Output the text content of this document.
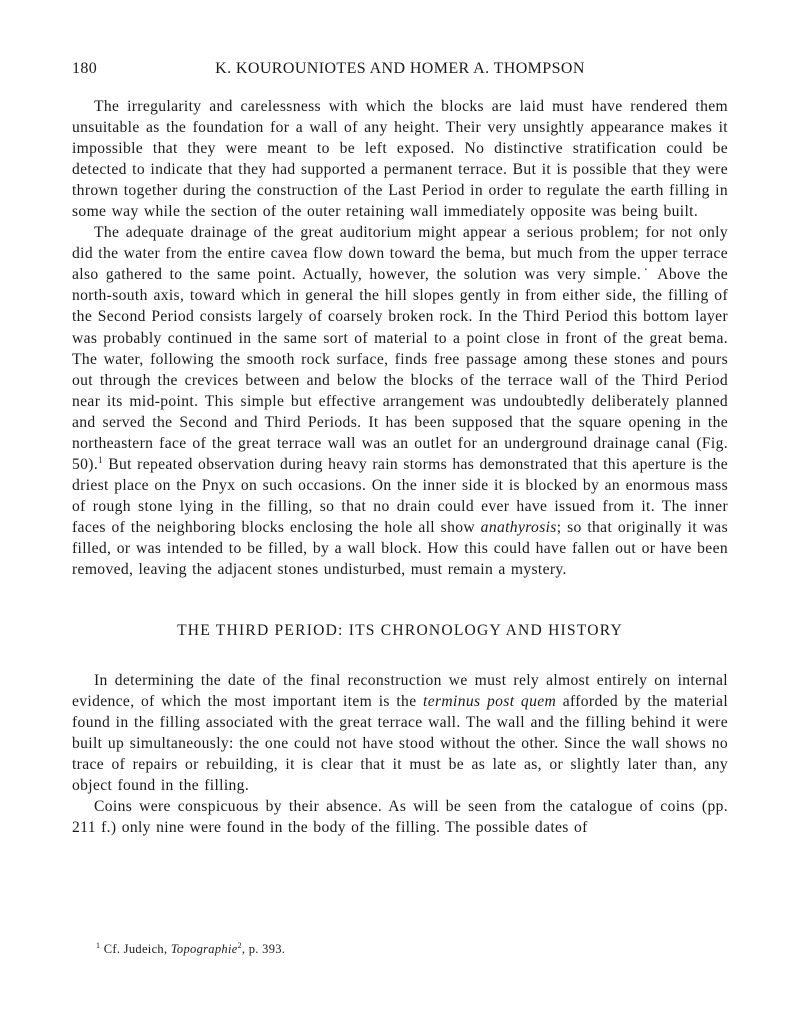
180	K. KOUROUNIOTES AND HOMER A. THOMPSON

The irregularity and carelessness with which the blocks are laid must have rendered them unsuitable as the foundation for a wall of any height. Their very unsightly appearance makes it impossible that they were meant to be left exposed. No distinctive stratification could be detected to indicate that they had supported a permanent terrace. But it is possible that they were thrown together during the construction of the Last Period in order to regulate the earth filling in some way while the section of the outer retaining wall immediately opposite was being built.

The adequate drainage of the great auditorium might appear a serious problem; for not only did the water from the entire cavea flow down toward the bema, but much from the upper terrace also gathered to the same point. Actually, however, the solution was very simple.˙ Above the north-south axis, toward which in general the hill slopes gently in from either side, the filling of the Second Period consists largely of coarsely broken rock. In the Third Period this bottom layer was probably continued in the same sort of material to a point close in front of the great bema. The water, following the smooth rock surface, finds free passage among these stones and pours out through the crevices between and below the blocks of the terrace wall of the Third Period near its mid-point. This simple but effective arrangement was undoubtedly deliberately planned and served the Second and Third Periods. It has been supposed that the square opening in the northeastern face of the great terrace wall was an outlet for an underground drainage canal (Fig. 50).$^1$ But repeated observation during heavy rain storms has demonstrated that this aperture is the driest place on the Pnyx on such occasions. On the inner side it is blocked by an enormous mass of rough stone lying in the filling, so that no drain could ever have issued from it. The inner faces of the neighboring blocks enclosing the hole all show anathyrosis; so that originally it was filled, or was intended to be filled, by a wall block. How this could have fallen out or have been removed, leaving the adjacent stones undisturbed, must remain a mystery.

THE THIRD PERIOD: ITS CHRONOLOGY AND HISTORY

In determining the date of the final reconstruction we must rely almost entirely on internal evidence, of which the most important item is the terminus post quem afforded by the material found in the filling associated with the great terrace wall. The wall and the filling behind it were built up simultaneously: the one could not have stood without the other. Since the wall shows no trace of repairs or rebuilding, it is clear that it must be as late as, or slightly later than, any object found in the filling.

Coins were conspicuous by their absence. As will be seen from the catalogue of coins (pp. 211 f.) only nine were found in the body of the filling. The possible dates of

$^1$ Cf. Judeich, Topographie$^2$, p. 393.
